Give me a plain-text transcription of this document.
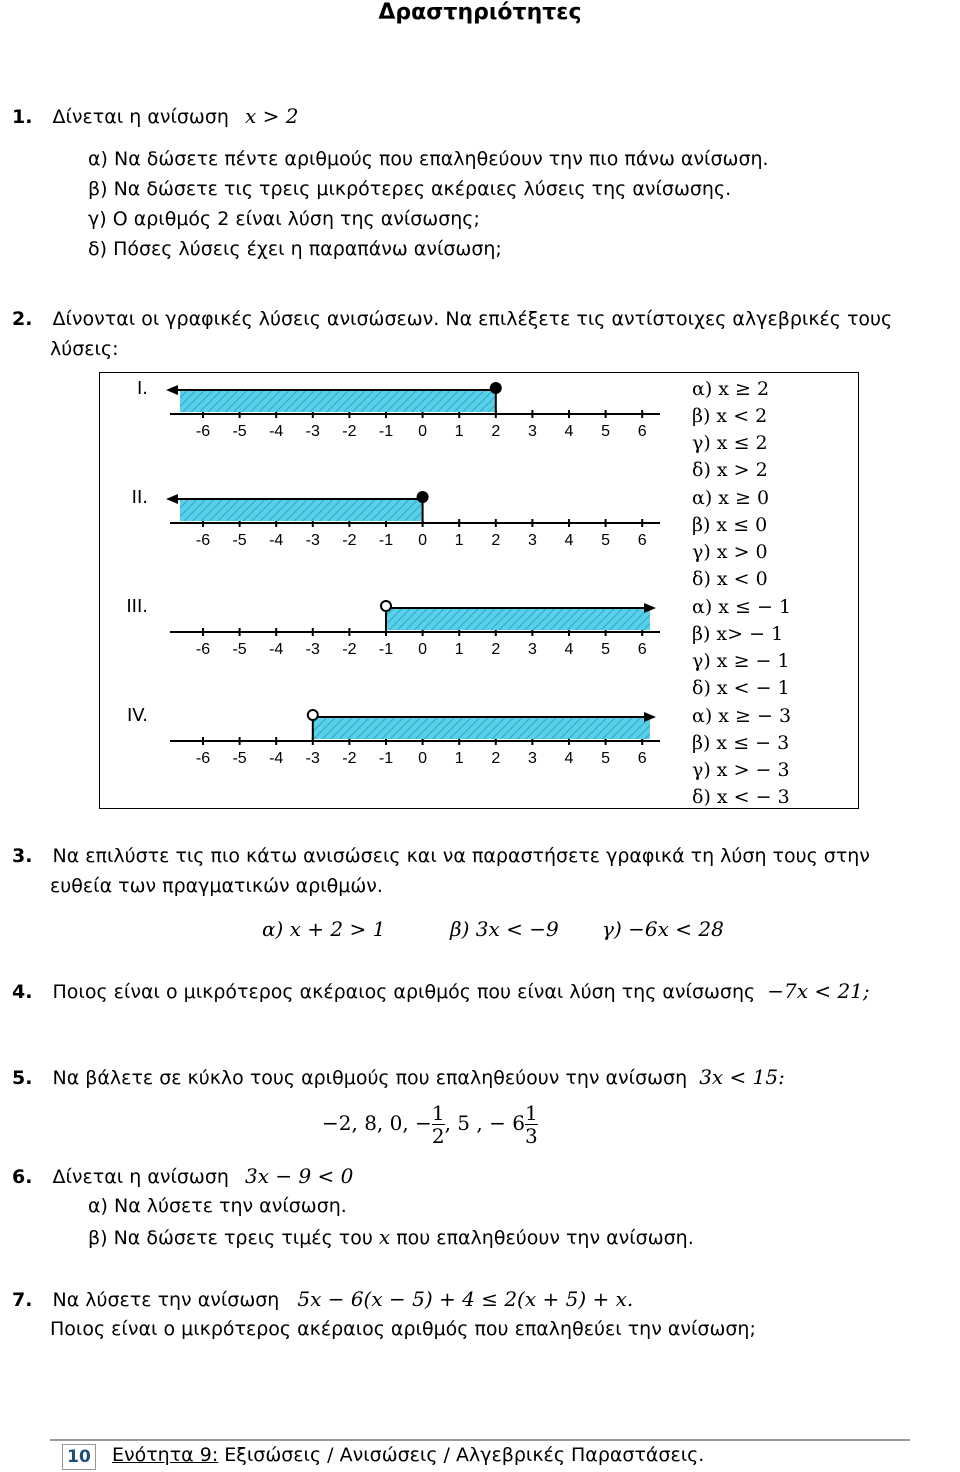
Δραστηριότητες
1. Δίνεται η ανίσωση x > 2
α) Να δώσετε πέντε αριθμούς που επαληθεύουν την πιο πάνω ανίσωση.
β) Να δώσετε τις τρεις μικρότερες ακέραιες λύσεις της ανίσωσης.
γ) Ο αριθμός 2 είναι λύση της ανίσωσης;
δ) Πόσες λύσεις έχει η παραπάνω ανίσωση;
2. Δίνονται οι γραφικές λύσεις ανισώσεων. Να επιλέξετε τις αντίστοιχες αλγεβρικές τους
λύσεις:
I.
II.
III.
IV.
-6 -5 -4 -3 -2 -1 0 1 2 3 4 5 6
-6 -5 -4 -3 -2 -1 0 1 2 3 4 5 6
-6 -5 -4 -3 -2 -1 0 1 2 3 4 5 6
-6 -5 -4 -3 -2 -1 0 1 2 3 4 5 6
α) x ≥ 2
β) x < 2
γ) x ≤ 2
δ) x > 2
α) x ≥ 0
β) x ≤ 0
γ) x > 0
δ) x < 0
α) x ≤ − 1
β) x> − 1
γ) x ≥ − 1
δ) x < − 1
α) x ≥ − 3
β) x ≤ − 3
γ) x > − 3
δ) x < − 3
3. Να επιλύστε τις πιο κάτω ανισώσεις και να παραστήσετε γραφικά τη λύση τους στην
ευθεία των πραγματικών αριθμών.
α) x + 2 > 1	β) 3x < −9 γ) −6x < 28
4. Ποιος είναι ο μικρότερος ακέραιος αριθμός που είναι λύση της ανίσωσης −7x < 21;
5. Να βάλετε σε κύκλο τους αριθμούς που επαληθεύουν την ανίσωση 3x < 15:
−2, 8, 0, − $\frac{1}{2}$ , 5 , − $6 \frac{1}{3}$
6. Δίνεται η ανίσωση 3x − 9 < 0
α) Να λύσετε την ανίσωση.
β) Να δώσετε τρεις τιμές του x που επαληθεύουν την ανίσωση.
7. Να λύσετε την ανίσωση 5x − 6(x − 5) + 4 ≤ 2(x + 5) + x.
Ποιος είναι ο μικρότερος ακέραιος αριθμός που επαληθεύει την ανίσωση;
10 Ενότητα 9: Εξισώσεις / Ανισώσεις / Αλγεβρικές Παραστάσεις.
